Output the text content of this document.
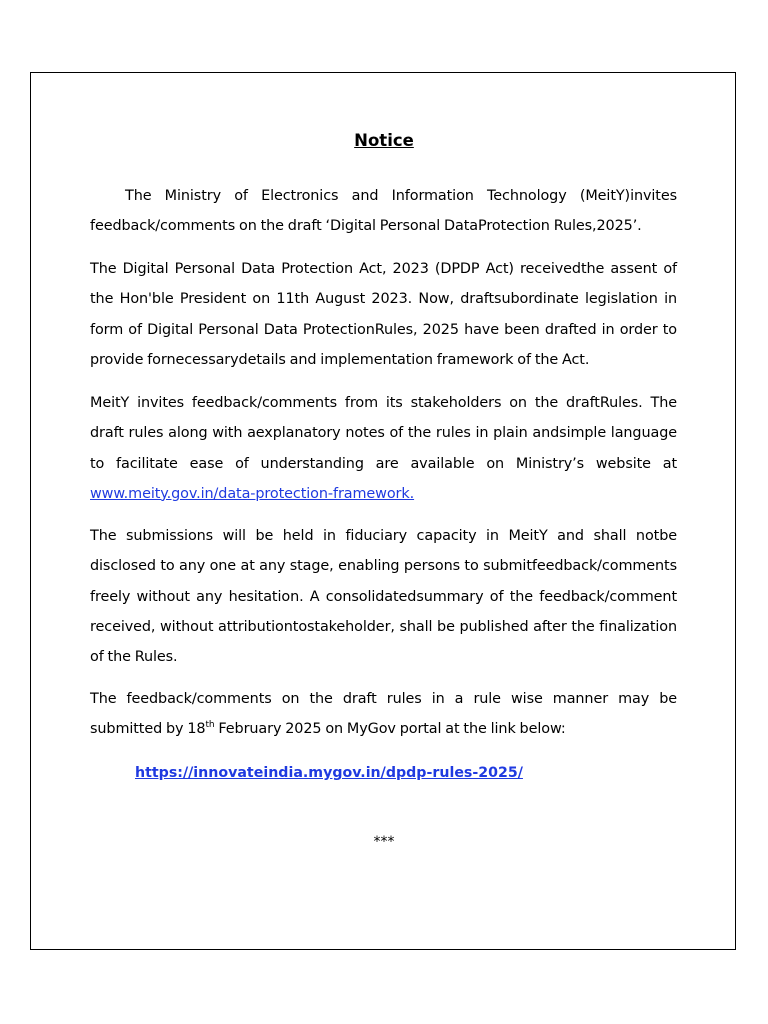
Notice

The Ministry of Electronics and Information Technology (MeitY)invites feedback/comments on the draft ‘Digital Personal DataProtection Rules,2025’.

The Digital Personal Data Protection Act, 2023 (DPDP Act) receivedthe assent of the Hon'ble President on 11th August 2023. Now, draftsubordinate legislation in form of Digital Personal Data ProtectionRules, 2025 have been drafted in order to provide fornecessarydetails and implementation framework of the Act.

MeitY invites feedback/comments from its stakeholders on the draftRules. The draft rules along with aexplanatory notes of the rules in plain andsimple language to facilitate ease of understanding are available on Ministry’s website at www.meity.gov.in/data-protection-framework.

The submissions will be held in fiduciary capacity in MeitY and shall notbe disclosed to any one at any stage, enabling persons to submitfeedback/comments freely without any hesitation. A consolidatedsummary of the feedback/comment received, without attributiontostakeholder, shall be published after the finalization of the Rules.

The feedback/comments on the draft rules in a rule wise manner may be submitted by 18th February 2025 on MyGov portal at the link below:

https://innovateindia.mygov.in/dpdp-rules-2025/
***
